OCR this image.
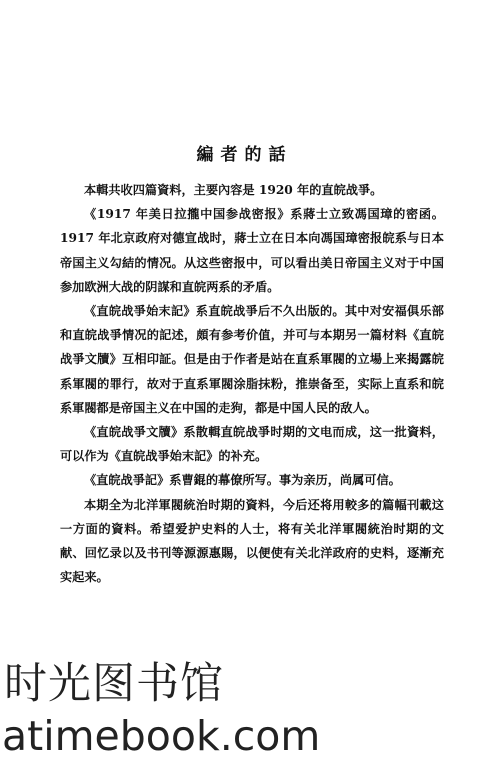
編者的話

本輯共收四篇資料，主要內容是 1920 年的直皖战爭。

《1917 年美日拉攏中国参战密报》系蔣士立致馮国璋的密函。1917 年北京政府对德宣战时，蔣士立在日本向馮国璋密报皖系与日本帝国主义勾結的情况。从这些密报中，可以看出美日帝国主义对于中国参加欧洲大战的阴謀和直皖两系的矛盾。

《直皖战爭始末記》系直皖战爭后不久出版的。其中对安福俱乐部和直皖战爭情况的記述，頗有参考价值，并可与本期另一篇材料《直皖战爭文牘》互相印証。但是由于作者是站在直系軍閥的立場上来揭露皖系軍閥的罪行，故对于直系軍閥涂脂抹粉，推崇备至，实际上直系和皖系軍閥都是帝国主义在中国的走狗，都是中国人民的敌人。

《直皖战爭文牘》系散輯直皖战爭时期的文电而成，这一批資料，可以作为《直皖战爭始末記》的补充。

《直皖战爭記》系曹錕的幕僚所写。事为亲历，尚属可信。

本期全为北洋軍閥統治时期的資料，今后还将用較多的篇幅刊載这一方面的資料。希望爱护史料的人士，将有关北洋軍閥統治时期的文献、回忆录以及书刊等源源惠賜，以便使有关北洋政府的史料，逐漸充实起来。

时光图书馆
atimebook.com
